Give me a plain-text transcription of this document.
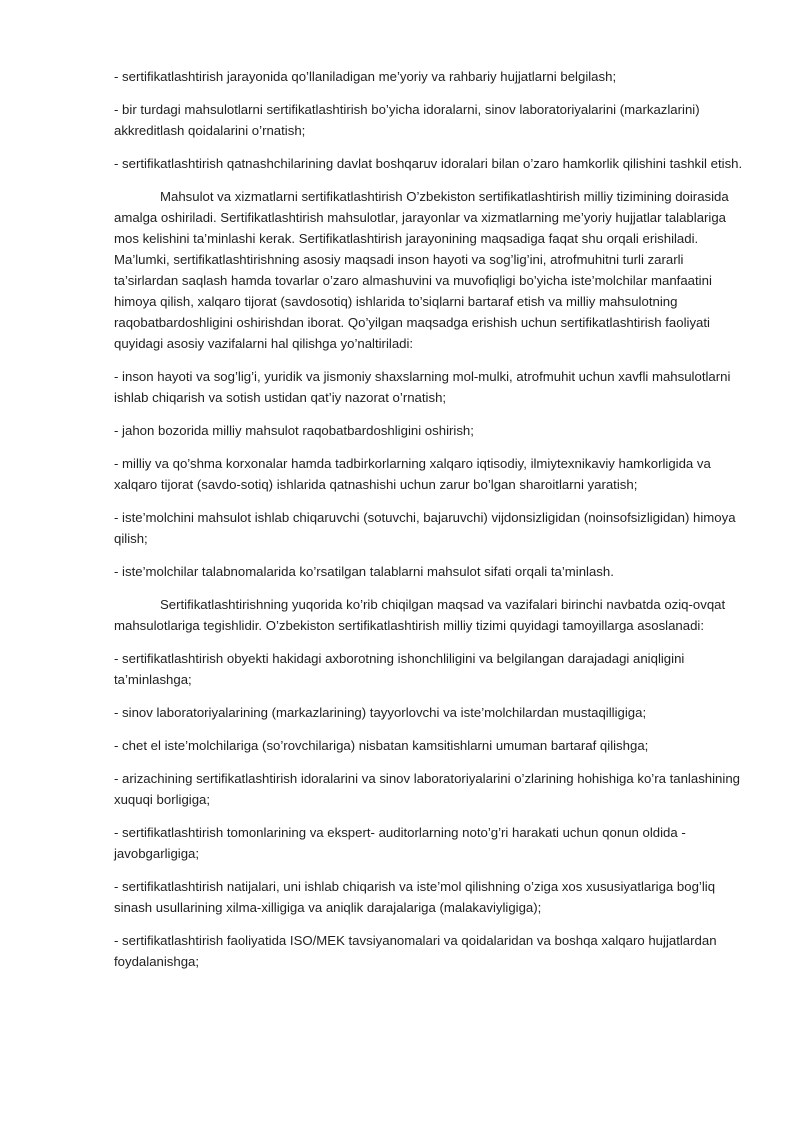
- sertifikatlashtirish jarayonida qo’llaniladigan me’yoriy va rahbariy hujjatlarni belgilash;

- bir turdagi mahsulotlarni sertifikatlashtirish bo’yicha idoralarni, sinov laboratoriyalarini (markazlarini) akkreditlash qoidalarini o’rnatish;

- sertifikatlashtirish qatnashchilarining davlat boshqaruv idoralari bilan o’zaro hamkorlik qilishini tashkil etish.

Mahsulot va xizmatlarni sertifikatlashtirish O’zbekiston sertifikatlashtirish milliy tizimining doirasida amalga oshiriladi. Sertifikatlashtirish mahsulotlar, jarayonlar va xizmatlarning me’yoriy hujjatlar talablariga mos kelishini ta’minlashi kerak. Sertifikatlashtirish jarayonining maqsadiga faqat shu orqali erishiladi. Ma’lumki, sertifikatlashtirishning asosiy maqsadi inson hayoti va sog’lig’ini, atrofmuhitni turli zararli ta’sirlardan saqlash hamda tovarlar o’zaro almashuvini va muvofiqligi bo’yicha iste’molchilar manfaatini himoya qilish, xalqaro tijorat (savdosotiq) ishlarida to’siqlarni bartaraf etish va milliy mahsulotning raqobatbardoshligini oshirishdan iborat. Qo’yilgan maqsadga erishish uchun sertifikatlashtirish faoliyati quyidagi asosiy vazifalarni hal qilishga yo’naltiriladi:

- inson hayoti va sog’lig’i, yuridik va jismoniy shaxslarning mol-mulki, atrofmuhit uchun xavfli mahsulotlarni ishlab chiqarish va sotish ustidan qat’iy nazorat o’rnatish;

- jahon bozorida milliy mahsulot raqobatbardoshligini oshirish;

- milliy va qo’shma korxonalar hamda tadbirkorlarning xalqaro iqtisodiy, ilmiytexnikaviy hamkorligida va xalqaro tijorat (savdo-sotiq) ishlarida qatnashishi uchun zarur bo’lgan sharoitlarni yaratish;

- iste’molchini mahsulot ishlab chiqaruvchi (sotuvchi, bajaruvchi) vijdonsizligidan (noinsofsizligidan) himoya qilish;

- iste’molchilar talabnomalarida ko’rsatilgan talablarni mahsulot sifati orqali ta’minlash.

Sertifikatlashtirishning yuqorida ko’rib chiqilgan maqsad va vazifalari birinchi navbatda oziq-ovqat mahsulotlariga tegishlidir. O’zbekiston sertifikatlashtirish milliy tizimi quyidagi tamoyillarga asoslanadi:

- sertifikatlashtirish obyekti hakidagi axborotning ishonchliligini va belgilangan darajadagi aniqligini ta’minlashga;

- sinov laboratoriyalarining (markazlarining) tayyorlovchi va iste’molchilardan mustaqilligiga;

- chet el iste’molchilariga (so’rovchilariga) nisbatan kamsitishlarni umuman bartaraf qilishga;

- arizachining sertifikatlashtirish idoralarini va sinov laboratoriyalarini o’zlarining hohishiga ko’ra tanlashining xuquqi borligiga;

- sertifikatlashtirish tomonlarining va ekspert- auditorlarning noto’g’ri harakati uchun qonun oldida - javobgarligiga;

- sertifikatlashtirish natijalari, uni ishlab chiqarish va iste’mol qilishning o’ziga xos xususiyatlariga bog’liq sinash usullarining xilma-xilligiga va aniqlik darajalariga (malakaviyligiga);

- sertifikatlashtirish faoliyatida ISO/MEK tavsiyanomalari va qoidalaridan va boshqa xalqaro hujjatlardan foydalanishga;
